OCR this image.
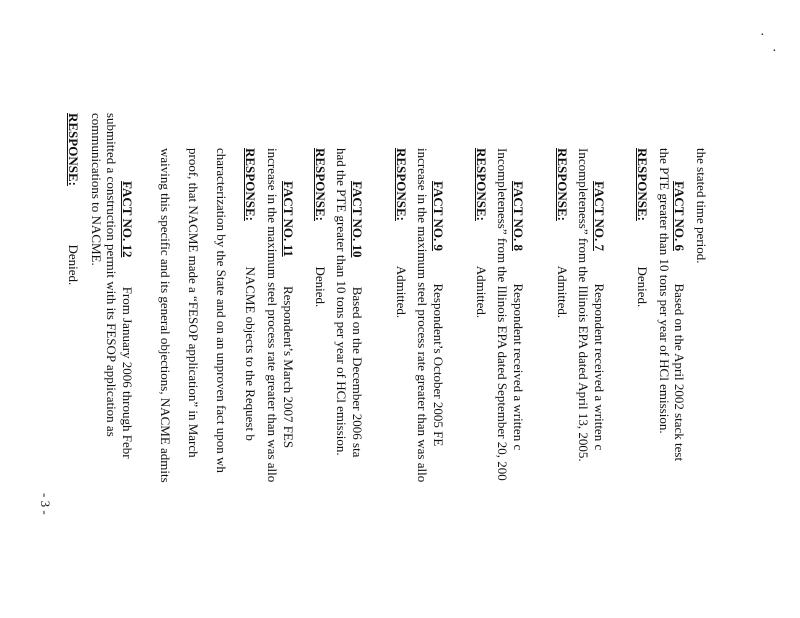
·
·

the stated time period.

FACT NO. 6          Based on the April 2002 stack test

the PTE greater than 10 tons per year of HCl emission.

RESPONSE:              Denied.

FACT NO. 7          Respondent received a written c

Incompleteness” from the Illinois EPA dated April 13, 2005.

RESPONSE:              Admitted.

FACT NO. 8          Respondent received a written c

Incompleteness” from the Illinois EPA dated September 20, 200

RESPONSE:              Admitted.

FACT NO. 9          Respondent’s October 2005 FE

increase in the maximum steel process rate greater than was allo

RESPONSE:              Admitted.

FACT NO. 10         Based on the December 2006 sta

had the PTE greater than 10 tons per year of HCl emission.

RESPONSE:              Denied.

FACT NO. 11         Respondent’s March 2007 FES

increase in the maximum steel process rate greater than was allo

RESPONSE:              NACME objects to the Request b

characterization by the State and on an unproven fact upon wh

proof, that NACME made a “FESOP application” in March

waiving this specific and its general objections, NACME admits

FACT NO. 12         From January 2006 through Febr

submitted a construction permit with its FESOP application as

communications to NACME.

RESPONSE:                  Denied.

- 3 -
